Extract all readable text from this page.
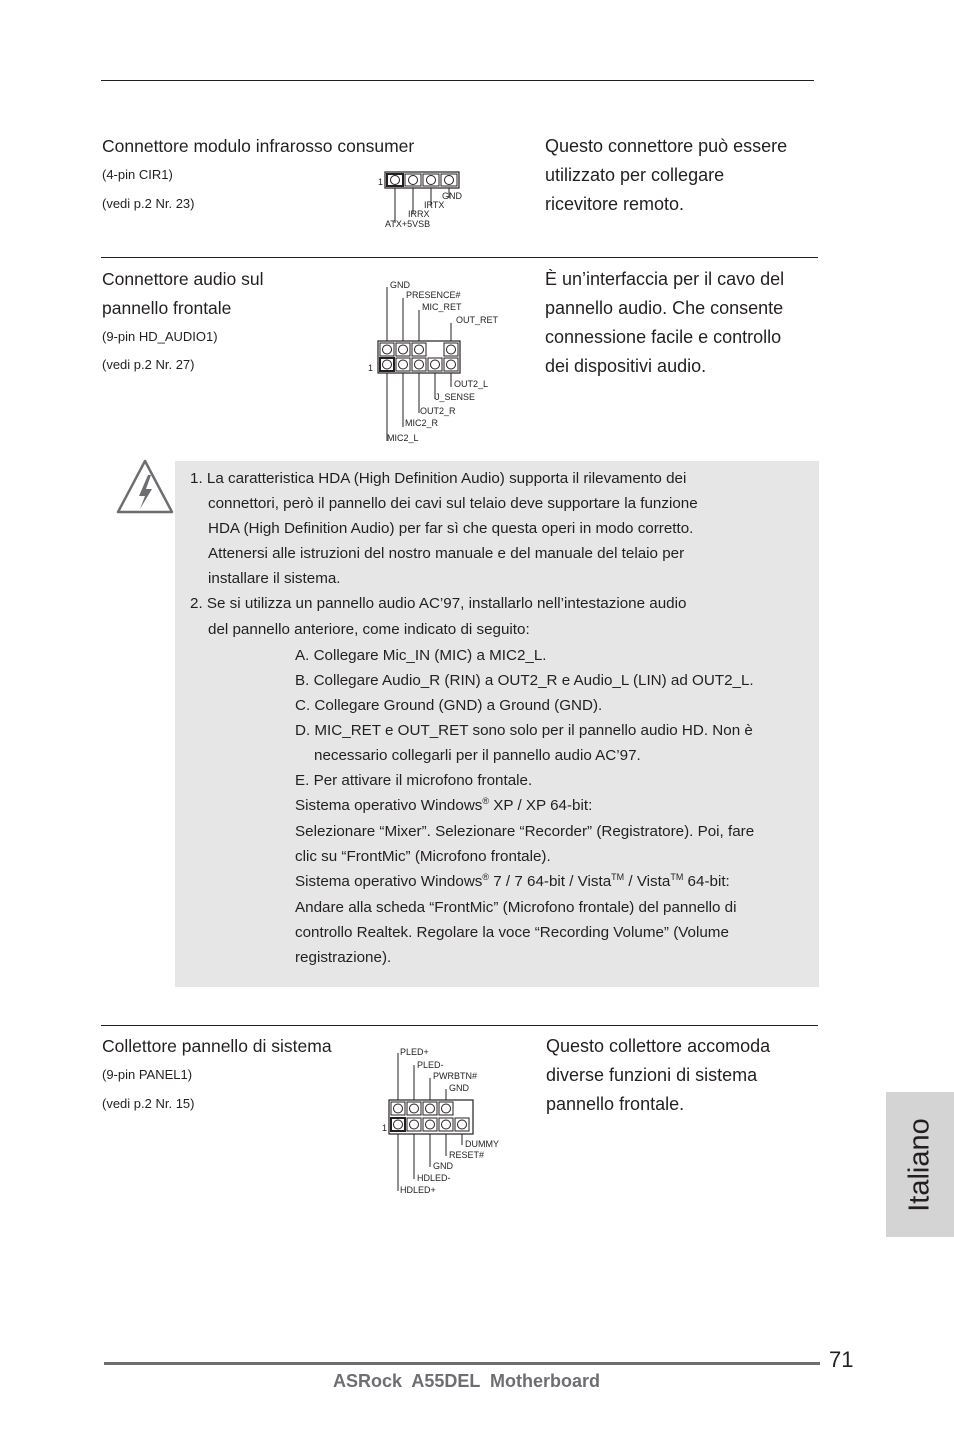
Connettore modulo infrarosso consumer
(4-pin CIR1)
(vedi p.2 Nr. 23)
1
GND
IRTX
IRRX
ATX+5VSB
Questo connettore può essere
utilizzato per collegare
ricevitore remoto.
Connettore audio sul
pannello frontale
(9-pin HD_AUDIO1)
(vedi p.2 Nr. 27)	1
GND
PRESENCE#
MIC_RET
OUT_RET
OUT2_L
J_SENSE
OUT2_R
MIC2_R
MIC2_L
È un’interfaccia per il cavo del
pannello audio. Che consente
connessione facile e controllo
dei dispositivi audio.
1. La caratteristica HDA (High Definition Audio) supporta il rilevamento dei
connettori, però il pannello dei cavi sul telaio deve supportare la funzione
HDA (High Definition Audio) per far sì che questa operi in modo corretto.
Attenersi alle istruzioni del nostro manuale e del manuale del telaio per
installare il sistema.
2. Se si utilizza un pannello audio AC’97, installarlo nell’intestazione audio
del pannello anteriore, come indicato di seguito:
A. Collegare Mic_IN (MIC) a MIC2_L.
B. Collegare Audio_R (RIN) a OUT2_R e Audio_L (LIN) ad OUT2_L.
C. Collegare Ground (GND) a Ground (GND).
D. MIC_RET e OUT_RET sono solo per il pannello audio HD. Non è
necessario collegarli per il pannello audio AC’97.
E. Per attivare il microfono frontale.
Sistema operativo Windows® XP / XP 64-bit:
Selezionare “Mixer”. Selezionare “Recorder” (Registratore). Poi, fare
clic su “FrontMic” (Microfono frontale).
Sistema operativo Windows® 7 / 7 64-bit / Vista™ / Vista™ 64-bit:
Andare alla scheda “FrontMic” (Microfono frontale) del pannello di
controllo Realtek. Regolare la voce “Recording Volume” (Volume
registrazione).
Collettore pannello di sistema
(9-pin PANEL1)
(vedi p.2 Nr. 15)
1
PLED+
PLED-
PWRBTN#
GND
DUMMY
RESET#
GND
HDLED-
HDLED+
Questo collettore accomoda
diverse funzioni di sistema
pannello frontale.
Italiano
71
ASRock  A55DEL  Motherboard
